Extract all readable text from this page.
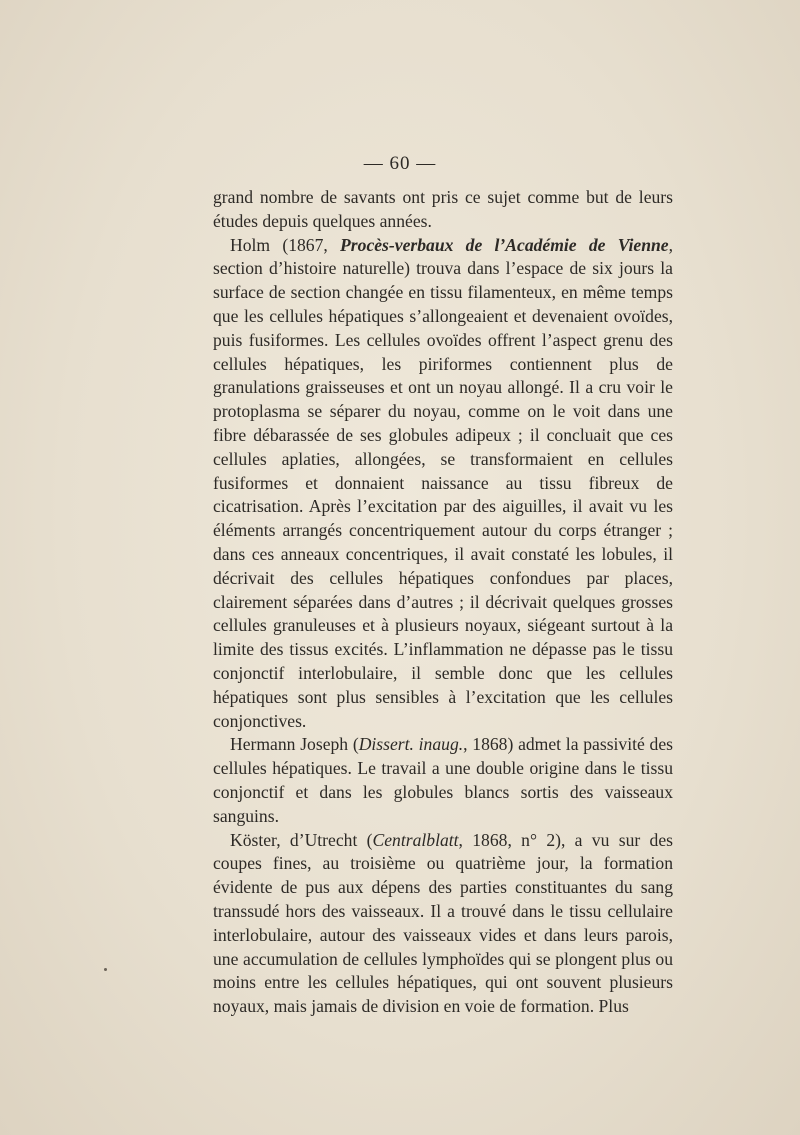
— 60 —

grand nombre de savants ont pris ce sujet comme but de leurs études depuis quelques années.

Holm (1867, Procès-verbaux de l’Académie de Vienne, section d’histoire naturelle) trouva dans l’espace de six jours la surface de section changée en tissu filamenteux, en même temps que les cellules hépatiques s’allongeaient et devenaient ovoïdes, puis fusiformes. Les cellules ovoïdes offrent l’aspect grenu des cellules hépatiques, les piriformes contiennent plus de granulations graisseuses et ont un noyau allongé. Il a cru voir le protoplasma se séparer du noyau, comme on le voit dans une fibre débarassée de ses globules adipeux ; il concluait que ces cellules aplaties, allongées, se transformaient en cellules fusiformes et donnaient naissance au tissu fibreux de cicatrisation. Après l’excitation par des aiguilles, il avait vu les éléments arrangés concentriquement autour du corps étranger ; dans ces anneaux concentriques, il avait constaté les lobules, il décrivait des cellules hépatiques confondues par places, clairement séparées dans d’autres ; il décrivait quelques grosses cellules granuleuses et à plusieurs noyaux, siégeant surtout à la limite des tissus excités. L’inflammation ne dépasse pas le tissu conjonctif interlobulaire, il semble donc que les cellules hépatiques sont plus sensibles à l’excitation que les cellules conjonctives.

Hermann Joseph (Dissert. inaug., 1868) admet la passivité des cellules hépatiques. Le travail a une double origine dans le tissu conjonctif et dans les globules blancs sortis des vaisseaux sanguins.

Köster, d’Utrecht (Centralblatt, 1868, n° 2), a vu sur des coupes fines, au troisième ou quatrième jour, la formation évidente de pus aux dépens des parties constituantes du sang transsudé hors des vaisseaux. Il a trouvé dans le tissu cellulaire interlobulaire, autour des vaisseaux vides et dans leurs parois, une accumulation de cellules lymphoïdes qui se plongent plus ou moins entre les cellules hépatiques, qui ont souvent plusieurs noyaux, mais jamais de division en voie de formation. Plus
